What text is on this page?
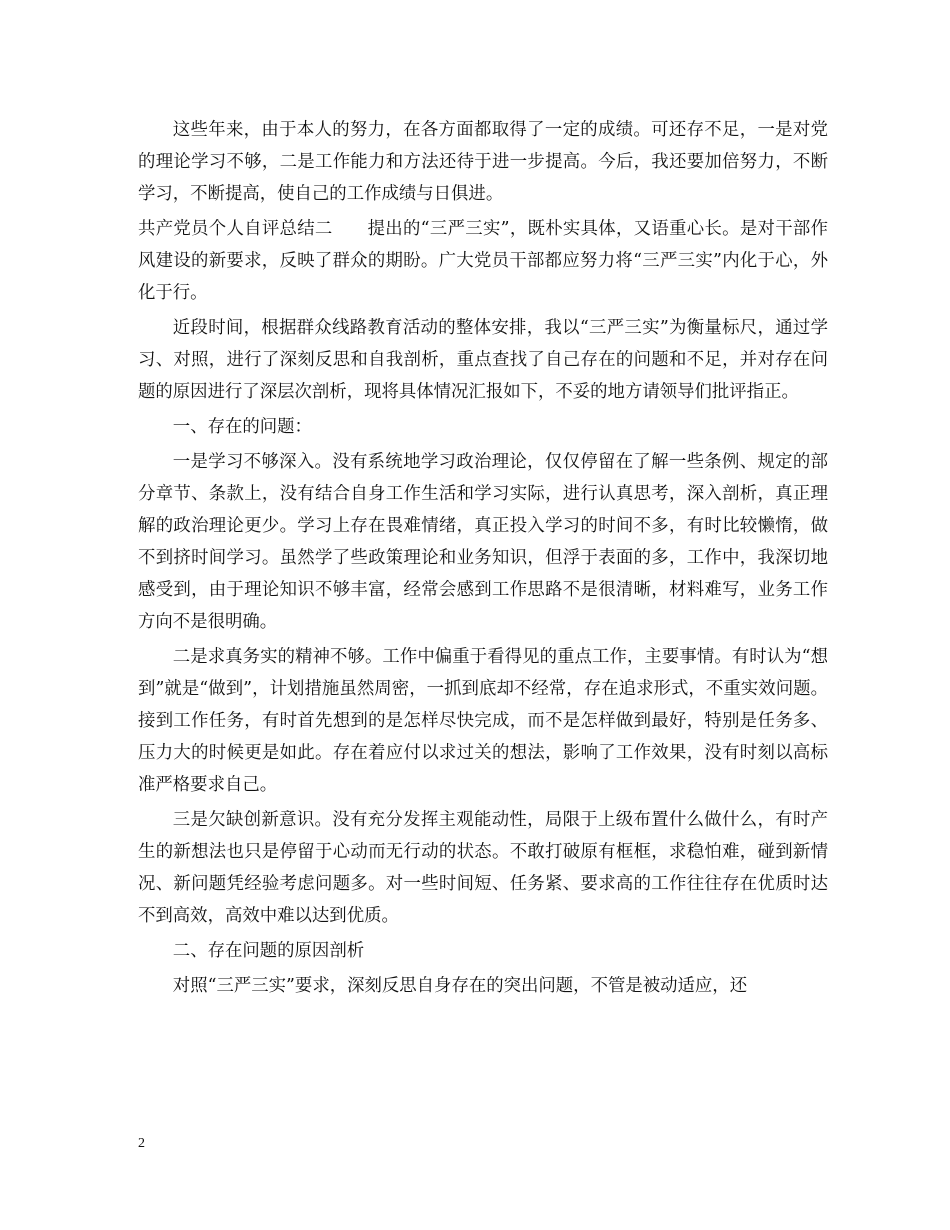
这些年来，由于本人的努力，在各方面都取得了一定的成绩。可还存不足，一是对党的理论学习不够，二是工作能力和方法还待于进一步提高。今后，我还要加倍努力，不断学习，不断提高，使自己的工作成绩与日俱进。

共产党员个人自评总结二 提出的“三严三实”，既朴实具体，又语重心长。是对干部作风建设的新要求，反映了群众的期盼。广大党员干部都应努力将“三严三实”内化于心，外化于行。

近段时间，根据群众线路教育活动的整体安排，我以“三严三实”为衡量标尺，通过学习、对照，进行了深刻反思和自我剖析，重点查找了自己存在的问题和不足，并对存在问题的原因进行了深层次剖析，现将具体情况汇报如下，不妥的地方请领导们批评指正。

一、存在的问题：

一是学习不够深入。没有系统地学习政治理论，仅仅停留在了解一些条例、规定的部分章节、条款上，没有结合自身工作生活和学习实际，进行认真思考，深入剖析，真正理解的政治理论更少。学习上存在畏难情绪，真正投入学习的时间不多，有时比较懒惰，做不到挤时间学习。虽然学了些政策理论和业务知识，但浮于表面的多，工作中，我深切地感受到，由于理论知识不够丰富，经常会感到工作思路不是很清晰，材料难写，业务工作方向不是很明确。

二是求真务实的精神不够。工作中偏重于看得见的重点工作，主要事情。有时认为“想到”就是“做到”，计划措施虽然周密，一抓到底却不经常，存在追求形式，不重实效问题。接到工作任务，有时首先想到的是怎样尽快完成，而不是怎样做到最好，特别是任务多、压力大的时候更是如此。存在着应付以求过关的想法，影响了工作效果，没有时刻以高标准严格要求自己。

三是欠缺创新意识。没有充分发挥主观能动性，局限于上级布置什么做什么，有时产生的新想法也只是停留于心动而无行动的状态。不敢打破原有框框，求稳怕难，碰到新情况、新问题凭经验考虑问题多。对一些时间短、任务紧、要求高的工作往往存在优质时达不到高效，高效中难以达到优质。

二、存在问题的原因剖析

对照“三严三实”要求，深刻反思自身存在的突出问题，不管是被动适应，还

2
